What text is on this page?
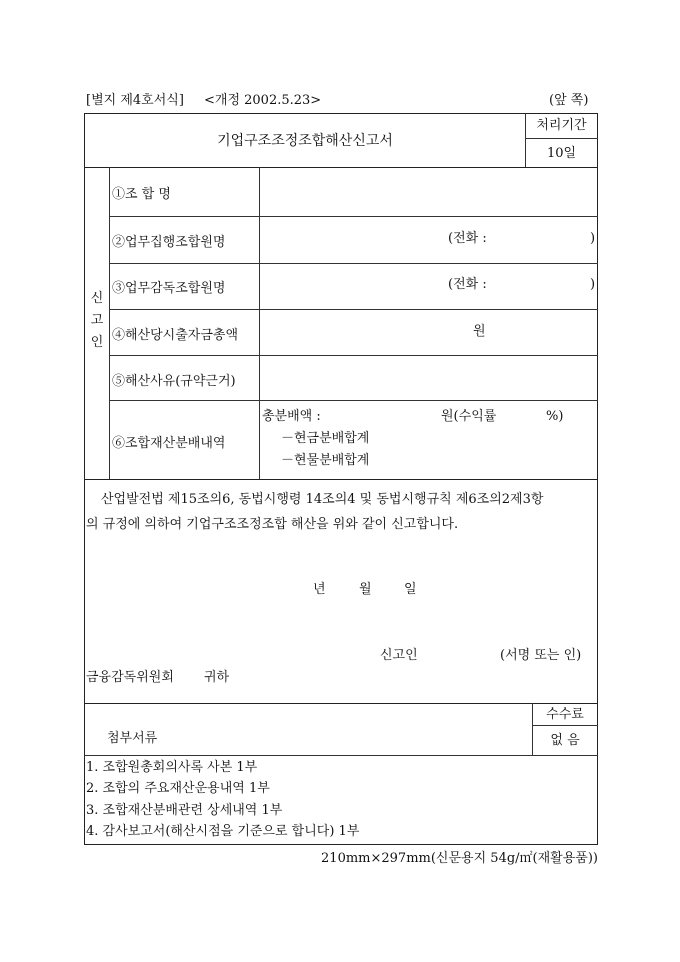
[별지 제4호서식] <개정 2002.5.23>	(앞 쪽)
기업구조조정조합해산신고서
처리기간
10일
신
고
인
①조 합 명
②업무집행조합원명	(전화 :	)
③업무감독조합원명	(전화 :	)
④해산당시출자금총액	원
⑤해산사유(규약근거)
⑥조합재산분배내역
총분배액 :	원(수익률	%)
－현금분배합계
－현물분배합계
산업발전법 제15조의6, 동법시행령 14조의4 및 동법시행규칙 제6조의2제3항
의 규정에 의하여 기업구조조정조합 해산을 위와 같이 신고합니다.
년	월 일
신고인	(서명 또는 인)
금융감독위원회 귀하
수수료
없 음
첨부서류
1. 조합원총회의사록 사본 1부
2. 조합의 주요재산운용내역 1부
3. 조합재산분배관련 상세내역 1부
4. 감사보고서(해산시점을 기준으로 합니다) 1부
210mm×297mm(신문용지 54g/㎡(재활용품))
